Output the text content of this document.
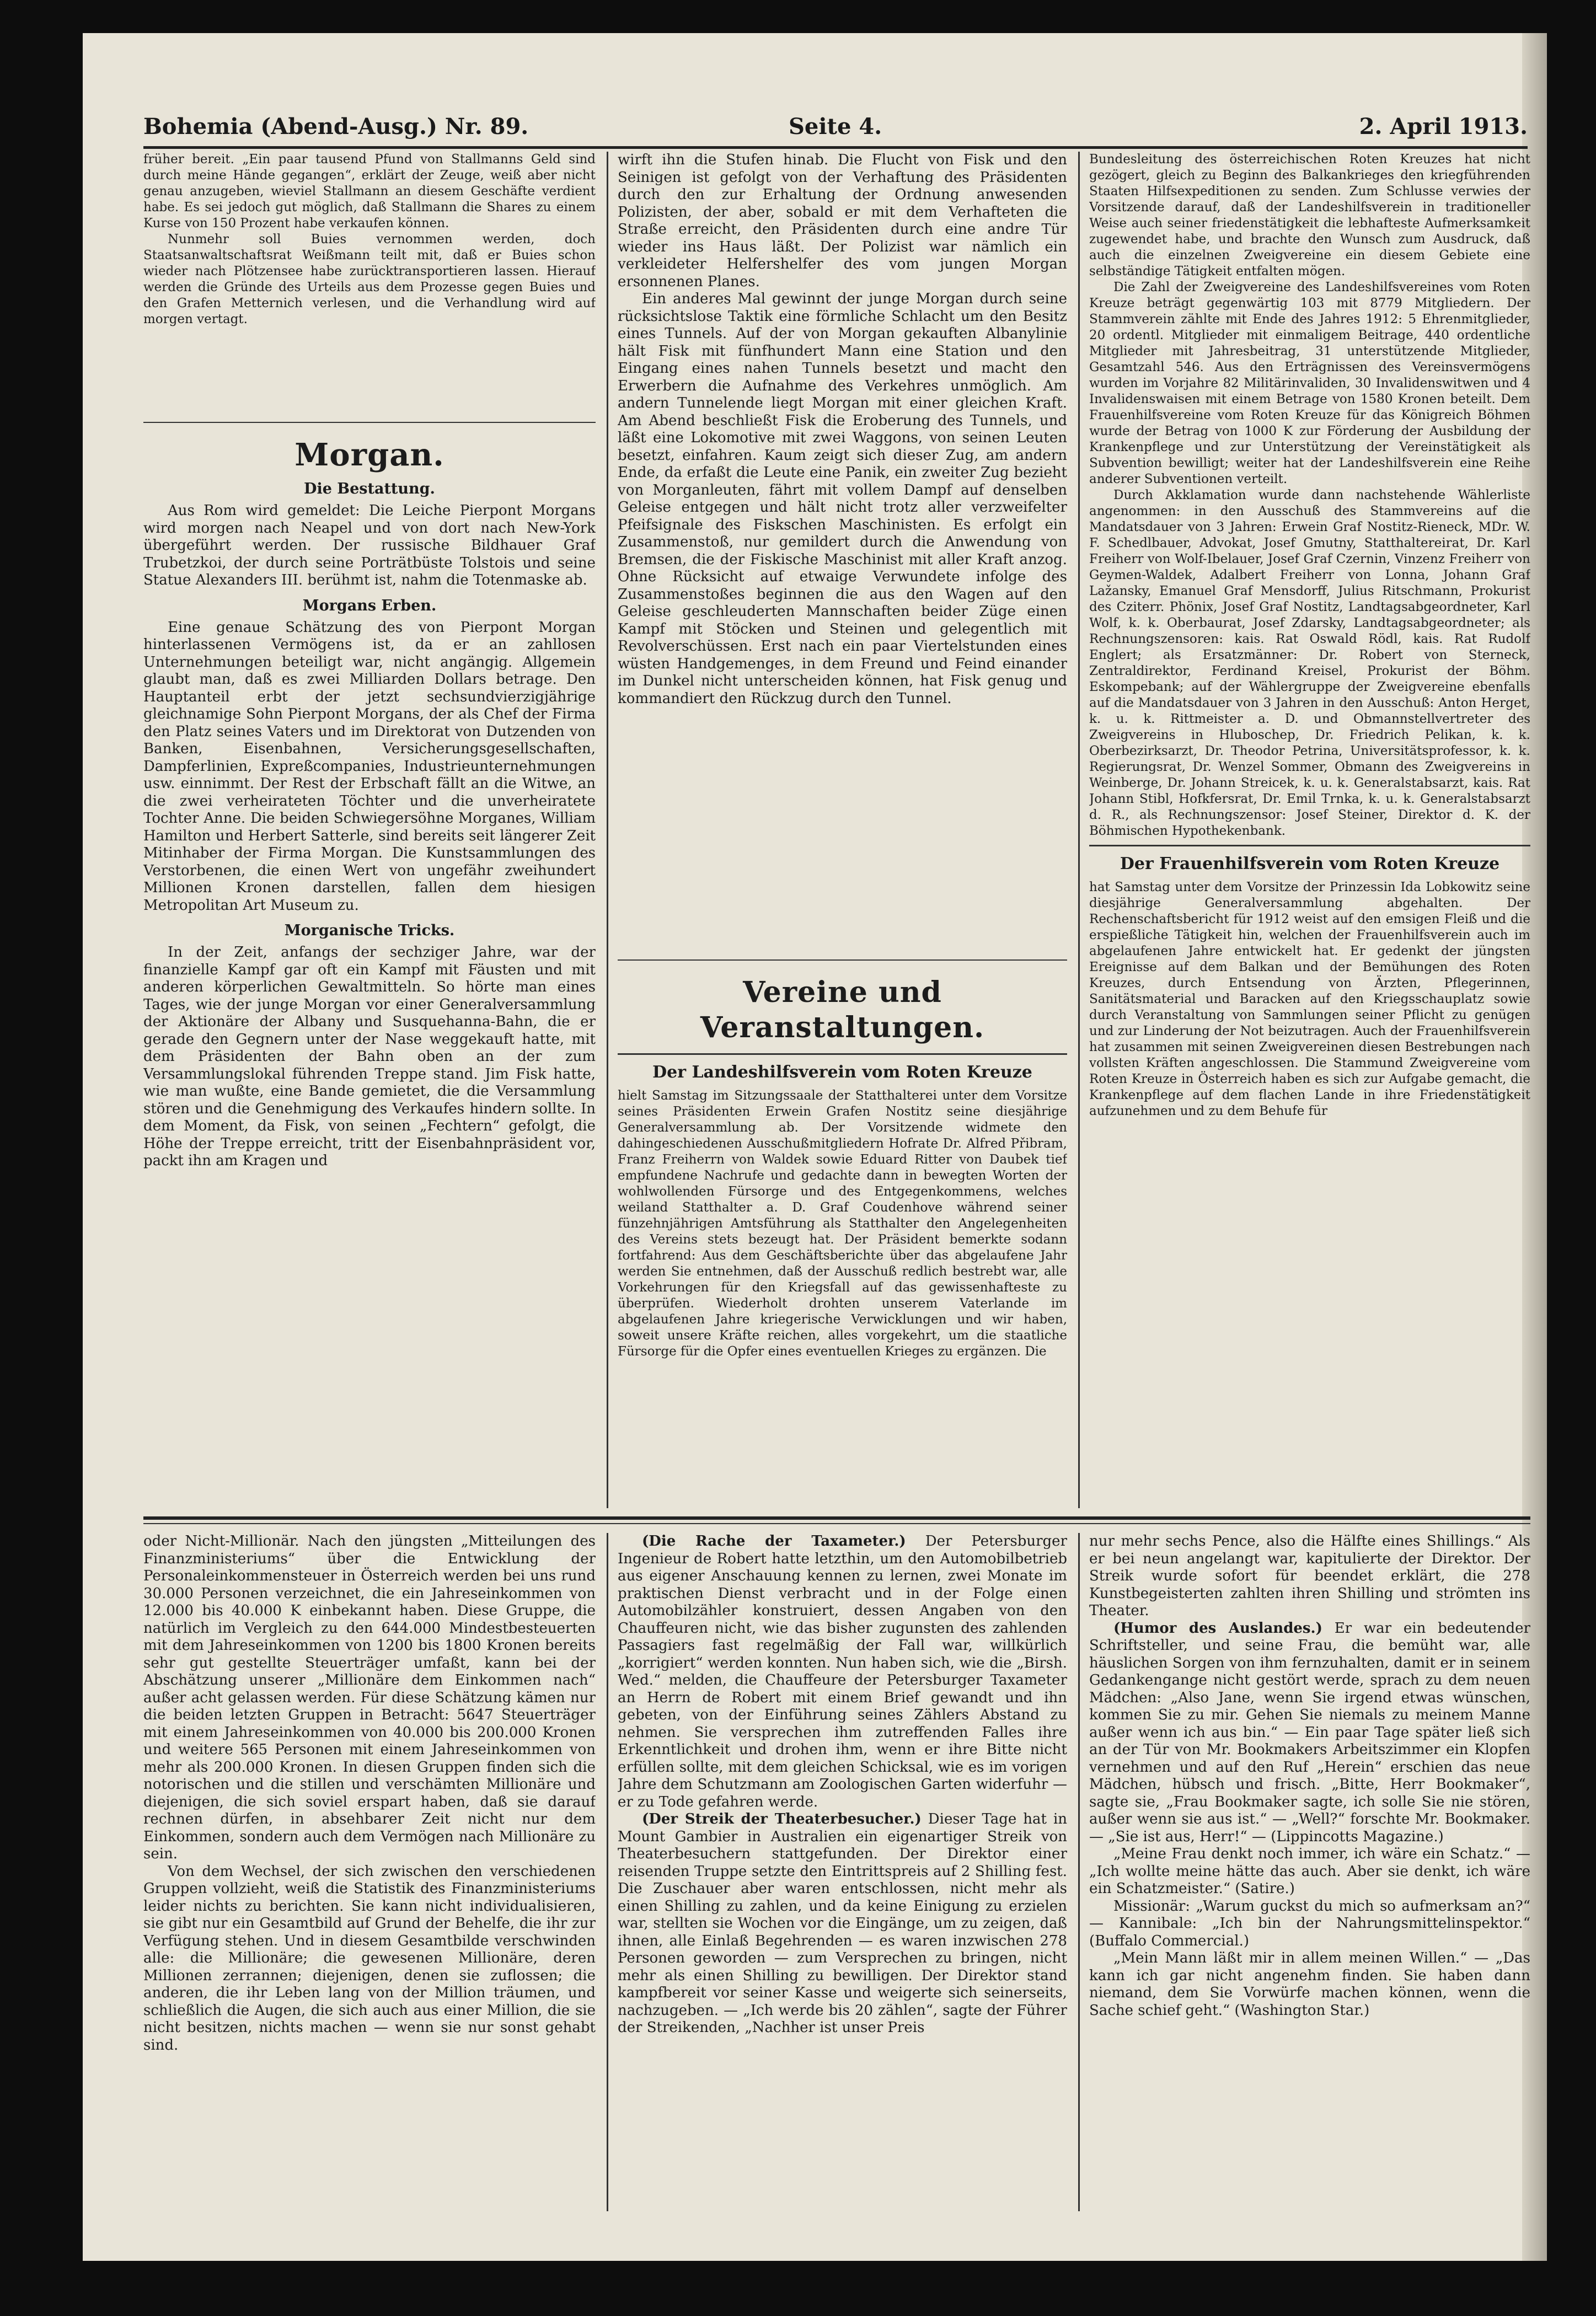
Bohemia (Abend-Ausg.) Nr. 89.	Seite 4.	2. April 1913.

früher bereit. „Ein paar tausend Pfund von Stallmanns Geld sind durch meine Hände gegangen“, erklärt der Zeuge, weiß aber nicht genau anzugeben, wieviel Stallmann an diesem Geschäfte verdient habe. Es sei jedoch gut möglich, daß Stallmann die Shares zu einem Kurse von 150 Prozent habe verkaufen können.

Nunmehr soll Buies vernommen werden, doch Staatsanwaltschaftsrat Weißmann teilt mit, daß er Buies schon wieder nach Plötzensee habe zurücktransportieren lassen. Hierauf werden die Gründe des Urteils aus dem Prozesse gegen Buies und den Grafen Metternich verlesen, und die Verhandlung wird auf morgen vertagt.

Morgan.
Die Bestattung.

Aus Rom wird gemeldet: Die Leiche Pierpont Morgans wird morgen nach Neapel und von dort nach New-York übergeführt werden. Der russische Bildhauer Graf Trubetzkoi, der durch seine Porträtbüste Tolstois und seine Statue Alexanders III. berühmt ist, nahm die Totenmaske ab.

Morgans Erben.

Eine genaue Schätzung des von Pierpont Morgan hinterlassenen Vermögens ist, da er an zahllosen Unternehmungen beteiligt war, nicht angängig. Allgemein glaubt man, daß es zwei Milliarden Dollars betrage. Den Hauptanteil erbt der jetzt sechsundvierzigjährige gleichnamige Sohn Pierpont Morgans, der als Chef der Firma den Platz seines Vaters und im Direktorat von Dutzenden von Banken, Eisenbahnen, Versicherungsgesellschaften, Dampferlinien, Expreßcompanies, Industrieunternehmungen usw. einnimmt. Der Rest der Erbschaft fällt an die Witwe, an die zwei verheirateten Töchter und die unverheiratete Tochter Anne. Die beiden Schwiegersöhne Morganes, William Hamilton und Herbert Satterle, sind bereits seit längerer Zeit Mitinhaber der Firma Morgan. Die Kunstsammlungen des Verstorbenen, die einen Wert von ungefähr zweihundert Millionen Kronen darstellen, fallen dem hiesigen Metropolitan Art Museum zu.

Morganische Tricks.

In der Zeit, anfangs der sechziger Jahre, war der finanzielle Kampf gar oft ein Kampf mit Fäusten und mit anderen körperlichen Gewaltmitteln. So hörte man eines Tages, wie der junge Morgan vor einer Generalversammlung der Aktionäre der Albany und Susquehanna-Bahn, die er gerade den Gegnern unter der Nase weggekauft hatte, mit dem Präsidenten der Bahn oben an der zum Versammlungslokal führenden Treppe stand. Jim Fisk hatte, wie man wußte, eine Bande gemietet, die die Versammlung stören und die Genehmigung des Verkaufes hindern sollte. In dem Moment, da Fisk, von seinen „Fechtern“ gefolgt, die Höhe der Treppe erreicht, tritt der Eisenbahnpräsident vor, packt ihn am Kragen und

wirft ihn die Stufen hinab. Die Flucht von Fisk und den Seinigen ist gefolgt von der Verhaftung des Präsidenten durch den zur Erhaltung der Ordnung anwesenden Polizisten, der aber, sobald er mit dem Verhafteten die Straße erreicht, den Präsidenten durch eine andre Tür wieder ins Haus läßt. Der Polizist war nämlich ein verkleideter Helfershelfer des vom jungen Morgan ersonnenen Planes.

Ein anderes Mal gewinnt der junge Morgan durch seine rücksichtslose Taktik eine förmliche Schlacht um den Besitz eines Tunnels. Auf der von Morgan gekauften Albanylinie hält Fisk mit fünfhundert Mann eine Station und den Eingang eines nahen Tunnels besetzt und macht den Erwerbern die Aufnahme des Verkehres unmöglich. Am andern Tunnelende liegt Morgan mit einer gleichen Kraft. Am Abend beschließt Fisk die Eroberung des Tunnels, und läßt eine Lokomotive mit zwei Waggons, von seinen Leuten besetzt, einfahren. Kaum zeigt sich dieser Zug, am andern Ende, da erfaßt die Leute eine Panik, ein zweiter Zug bezieht von Morganleuten, fährt mit vollem Dampf auf denselben Geleise entgegen und hält nicht trotz aller verzweifelter Pfeifsignale des Fiskschen Maschinisten. Es erfolgt ein Zusammenstoß, nur gemildert durch die Anwendung von Bremsen, die der Fiskische Maschinist mit aller Kraft anzog. Ohne Rücksicht auf etwaige Verwundete infolge des Zusammenstoßes beginnen die aus den Wagen auf den Geleise geschleuderten Mannschaften beider Züge einen Kampf mit Stöcken und Steinen und gelegentlich mit Revolverschüssen. Erst nach ein paar Viertelstunden eines wüsten Handgemenges, in dem Freund und Feind einander im Dunkel nicht unterscheiden können, hat Fisk genug und kommandiert den Rückzug durch den Tunnel.

Vereine und Veranstaltungen.
Der Landeshilfsverein vom Roten Kreuze

hielt Samstag im Sitzungssaale der Statthalterei unter dem Vorsitze seines Präsidenten Erwein Grafen Nostitz seine diesjährige Generalversammlung ab. Der Vorsitzende widmete den dahingeschiedenen Ausschußmitgliedern Hofrate Dr. Alfred Přibram, Franz Freiherrn von Waldek sowie Eduard Ritter von Daubek tief empfundene Nachrufe und gedachte dann in bewegten Worten der wohlwollenden Fürsorge und des Entgegenkommens, welches weiland Statthalter a. D. Graf Coudenhove während seiner fünzehnjährigen Amtsführung als Statthalter den Angelegenheiten des Vereins stets bezeugt hat. Der Präsident bemerkte sodann fortfahrend: Aus dem Geschäftsberichte über das abgelaufene Jahr werden Sie entnehmen, daß der Ausschuß redlich bestrebt war, alle Vorkehrungen für den Kriegsfall auf das gewissenhafteste zu überprüfen. Wiederholt drohten unserem Vaterlande im abgelaufenen Jahre kriegerische Verwicklungen und wir haben, soweit unsere Kräfte reichen, alles vorgekehrt, um die staatliche Fürsorge für die Opfer eines eventuellen Krieges zu ergänzen. Die

Bundesleitung des österreichischen Roten Kreuzes hat nicht gezögert, gleich zu Beginn des Balkankrieges den kriegführenden Staaten Hilfsexpeditionen zu senden. Zum Schlusse verwies der Vorsitzende darauf, daß der Landeshilfsverein in traditioneller Weise auch seiner friedenstätigkeit die lebhafteste Aufmerksamkeit zugewendet habe, und brachte den Wunsch zum Ausdruck, daß auch die einzelnen Zweigvereine ein diesem Gebiete eine selbständige Tätigkeit entfalten mögen.

Die Zahl der Zweigvereine des Landeshilfsvereines vom Roten Kreuze beträgt gegenwärtig 103 mit 8779 Mitgliedern. Der Stammverein zählte mit Ende des Jahres 1912: 5 Ehrenmitglieder, 20 ordentl. Mitglieder mit einmaligem Beitrage, 440 ordentliche Mitglieder mit Jahresbeitrag, 31 unterstützende Mitglieder, Gesamtzahl 546. Aus den Erträgnissen des Vereinsvermögens wurden im Vorjahre 82 Militärinvaliden, 30 Invalidenswitwen und 4 Invalidenswaisen mit einem Betrage von 1580 Kronen beteilt. Dem Frauenhilfsvereine vom Roten Kreuze für das Königreich Böhmen wurde der Betrag von 1000 K zur Förderung der Ausbildung der Krankenpflege und zur Unterstützung der Vereinstätigkeit als Subvention bewilligt; weiter hat der Landeshilfsverein eine Reihe anderer Subventionen verteilt.

Durch Akklamation wurde dann nachstehende Wählerliste angenommen: in den Ausschuß des Stammvereins auf die Mandatsdauer von 3 Jahren: Erwein Graf Nostitz-Rieneck, MDr. W. F. Schedlbauer, Advokat, Josef Gmutny, Statthaltereirat, Dr. Karl Freiherr von Wolf-Ibelauer, Josef Graf Czernin, Vinzenz Freiherr von Geymen-Waldek, Adalbert Freiherr von Lonna, Johann Graf Lažansky, Emanuel Graf Mensdorff, Julius Ritschmann, Prokurist des Cziterr. Phönix, Josef Graf Nostitz, Landtagsabgeordneter, Karl Wolf, k. k. Oberbaurat, Josef Zdarsky, Landtagsabgeordneter; als Rechnungszensoren: kais. Rat Oswald Rödl, kais. Rat Rudolf Englert; als Ersatzmänner: Dr. Robert von Sterneck, Zentraldirektor, Ferdinand Kreisel, Prokurist der Böhm. Eskompebank; auf der Wählergruppe der Zweigvereine ebenfalls auf die Mandatsdauer von 3 Jahren in den Ausschuß: Anton Herget, k. u. k. Rittmeister a. D. und Obmannstellvertreter des Zweigvereins in Hluboschep, Dr. Friedrich Pelikan, k. k. Oberbezirksarzt, Dr. Theodor Petrina, Universitätsprofessor, k. k. Regierungsrat, Dr. Wenzel Sommer, Obmann des Zweigvereins in Weinberge, Dr. Johann Streicek, k. u. k. Generalstabsarzt, kais. Rat Johann Stibl, Hofkfersrat, Dr. Emil Trnka, k. u. k. Generalstabsarzt d. R., als Rechnungszensor: Josef Steiner, Direktor d. K. der Böhmischen Hypothekenbank.

Der Frauenhilfsverein vom Roten Kreuze

hat Samstag unter dem Vorsitze der Prinzessin Ida Lobkowitz seine diesjährige Generalversammlung abgehalten. Der Rechenschaftsbericht für 1912 weist auf den emsigen Fleiß und die erspießliche Tätigkeit hin, welchen der Frauenhilfsverein auch im abgelaufenen Jahre entwickelt hat. Er gedenkt der jüngsten Ereignisse auf dem Balkan und der Bemühungen des Roten Kreuzes, durch Entsendung von Ärzten, Pflegerinnen, Sanitätsmaterial und Baracken auf den Kriegsschauplatz sowie durch Veranstaltung von Sammlungen seiner Pflicht zu genügen und zur Linderung der Not beizutragen. Auch der Frauenhilfsverein hat zusammen mit seinen Zweigvereinen diesen Bestrebungen nach vollsten Kräften angeschlossen. Die Stammund Zweigvereine vom Roten Kreuze in Österreich haben es sich zur Aufgabe gemacht, die Krankenpflege auf dem flachen Lande in ihre Friedenstätigkeit aufzunehmen und zu dem Behufe für

oder Nicht-Millionär. Nach den jüngsten „Mitteilungen des Finanzministeriums“ über die Entwicklung der Personaleinkommensteuer in Österreich werden bei uns rund 30.000 Personen verzeichnet, die ein Jahreseinkommen von 12.000 bis 40.000 K einbekannt haben. Diese Gruppe, die natürlich im Vergleich zu den 644.000 Mindestbesteuerten mit dem Jahreseinkommen von 1200 bis 1800 Kronen bereits sehr gut gestellte Steuerträger umfaßt, kann bei der Abschätzung unserer „Millionäre dem Einkommen nach“ außer acht gelassen werden. Für diese Schätzung kämen nur die beiden letzten Gruppen in Betracht: 5647 Steuerträger mit einem Jahreseinkommen von 40.000 bis 200.000 Kronen und weitere 565 Personen mit einem Jahreseinkommen von mehr als 200.000 Kronen. In diesen Gruppen finden sich die notorischen und die stillen und verschämten Millionäre und diejenigen, die sich soviel erspart haben, daß sie darauf rechnen dürfen, in absehbarer Zeit nicht nur dem Einkommen, sondern auch dem Vermögen nach Millionäre zu sein.

Von dem Wechsel, der sich zwischen den verschiedenen Gruppen vollzieht, weiß die Statistik des Finanzministeriums leider nichts zu berichten. Sie kann nicht individualisieren, sie gibt nur ein Gesamtbild auf Grund der Behelfe, die ihr zur Verfügung stehen. Und in diesem Gesamtbilde verschwinden alle: die Millionäre; die gewesenen Millionäre, deren Millionen zerrannen; diejenigen, denen sie zuflossen; die anderen, die ihr Leben lang von der Million träumen, und schließlich die Augen, die sich auch aus einer Million, die sie nicht besitzen, nichts machen — wenn sie nur sonst gehabt sind.

(Die Rache der Taxameter.) Der Petersburger Ingenieur de Robert hatte letzthin, um den Automobilbetrieb aus eigener Anschauung kennen zu lernen, zwei Monate im praktischen Dienst verbracht und in der Folge einen Automobilzähler konstruiert, dessen Angaben von den Chauffeuren nicht, wie das bisher zugunsten des zahlenden Passagiers fast regelmäßig der Fall war, willkürlich „korrigiert“ werden konnten. Nun haben sich, wie die „Birsh. Wed.“ melden, die Chauffeure der Petersburger Taxameter an Herrn de Robert mit einem Brief gewandt und ihn gebeten, von der Einführung seines Zählers Abstand zu nehmen. Sie versprechen ihm zutreffenden Falles ihre Erkenntlichkeit und drohen ihm, wenn er ihre Bitte nicht erfüllen sollte, mit dem gleichen Schicksal, wie es im vorigen Jahre dem Schutzmann am Zoologischen Garten widerfuhr — er zu Tode gefahren werde.

(Der Streik der Theaterbesucher.) Dieser Tage hat in Mount Gambier in Australien ein eigenartiger Streik von Theaterbesuchern stattgefunden. Der Direktor einer reisenden Truppe setzte den Eintrittspreis auf 2 Shilling fest. Die Zuschauer aber waren entschlossen, nicht mehr als einen Shilling zu zahlen, und da keine Einigung zu erzielen war, stellten sie Wochen vor die Eingänge, um zu zeigen, daß ihnen, alle Einlaß Begehrenden — es waren inzwischen 278 Personen geworden — zum Versprechen zu bringen, nicht mehr als einen Shilling zu bewilligen. Der Direktor stand kampfbereit vor seiner Kasse und weigerte sich seinerseits, nachzugeben. — „Ich werde bis 20 zählen“, sagte der Führer der Streikenden, „Nachher ist unser Preis

nur mehr sechs Pence, also die Hälfte eines Shillings.“ Als er bei neun angelangt war, kapitulierte der Direktor. Der Streik wurde sofort für beendet erklärt, die 278 Kunstbegeisterten zahlten ihren Shilling und strömten ins Theater.

(Humor des Auslandes.) Er war ein bedeutender Schriftsteller, und seine Frau, die bemüht war, alle häuslichen Sorgen von ihm fernzuhalten, damit er in seinem Gedankengange nicht gestört werde, sprach zu dem neuen Mädchen: „Also Jane, wenn Sie irgend etwas wünschen, kommen Sie zu mir. Gehen Sie niemals zu meinem Manne außer wenn ich aus bin.“ — Ein paar Tage später ließ sich an der Tür von Mr. Bookmakers Arbeitszimmer ein Klopfen vernehmen und auf den Ruf „Herein“ erschien das neue Mädchen, hübsch und frisch. „Bitte, Herr Bookmaker“, sagte sie, „Frau Bookmaker sagte, ich solle Sie nie stören, außer wenn sie aus ist.“ — „Well?“ forschte Mr. Bookmaker. — „Sie ist aus, Herr!“ — (Lippincotts Magazine.)

„Meine Frau denkt noch immer, ich wäre ein Schatz.“ — „Ich wollte meine hätte das auch. Aber sie denkt, ich wäre ein Schatzmeister.“ (Satire.)

Missionär: „Warum guckst du mich so aufmerksam an?“ — Kannibale: „Ich bin der Nahrungsmittelinspektor.“ (Buffalo Commercial.)

„Mein Mann läßt mir in allem meinen Willen.“ — „Das kann ich gar nicht angenehm finden. Sie haben dann niemand, dem Sie Vorwürfe machen können, wenn die Sache schief geht.“ (Washington Star.)
